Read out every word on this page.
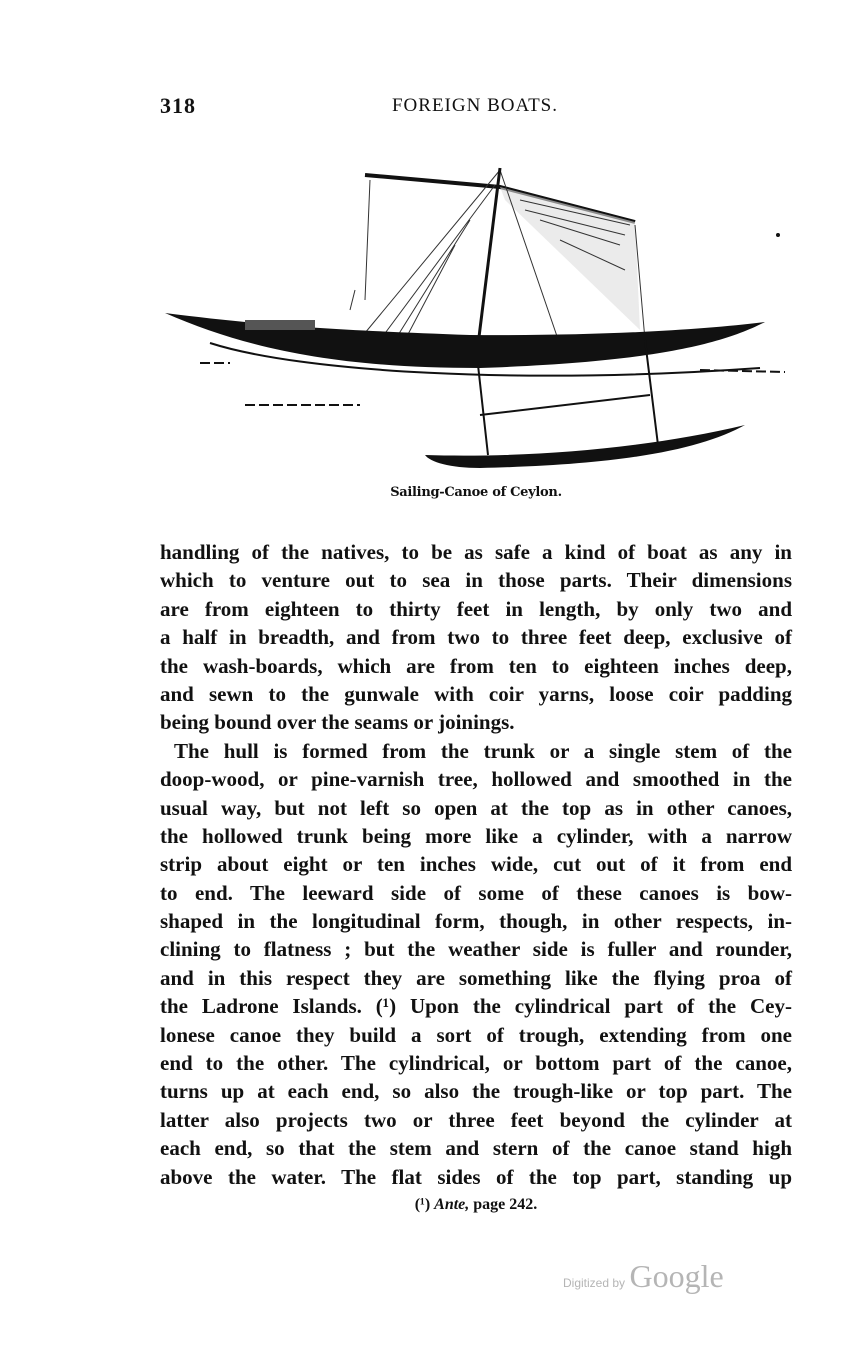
318	FOREIGN BOATS.
Sailing-Canoe of Ceylon.
handling of the natives, to be as safe a kind of boat as any in
which to venture out to sea in those parts. Their dimensions
are from eighteen to thirty feet in length, by only two and
a half in breadth, and from two to three feet deep, exclusive of
the wash-boards, which are from ten to eighteen inches deep,
and sewn to the gunwale with coir yarns, loose coir padding
being bound over the seams or joinings.
The hull is formed from the trunk or a single stem of the
doop-wood, or pine-varnish tree, hollowed and smoothed in the
usual way, but not left so open at the top as in other canoes,
the hollowed trunk being more like a cylinder, with a narrow
strip about eight or ten inches wide, cut out of it from end
to end. The leeward side of some of these canoes is bow-
shaped in the longitudinal form, though, in other respects, in-
clining to flatness ; but the weather side is fuller and rounder,
and in this respect they are something like the flying proa of
the Ladrone Islands. (¹) Upon the cylindrical part of the Cey-
lonese canoe they build a sort of trough, extending from one
end to the other. The cylindrical, or bottom part of the canoe,
turns up at each end, so also the trough-like or top part. The
latter also projects two or three feet beyond the cylinder at
each end, so that the stem and stern of the canoe stand high
above the water. The flat sides of the top part, standing up
(¹) Ante, page 242.
Digitized by Google
